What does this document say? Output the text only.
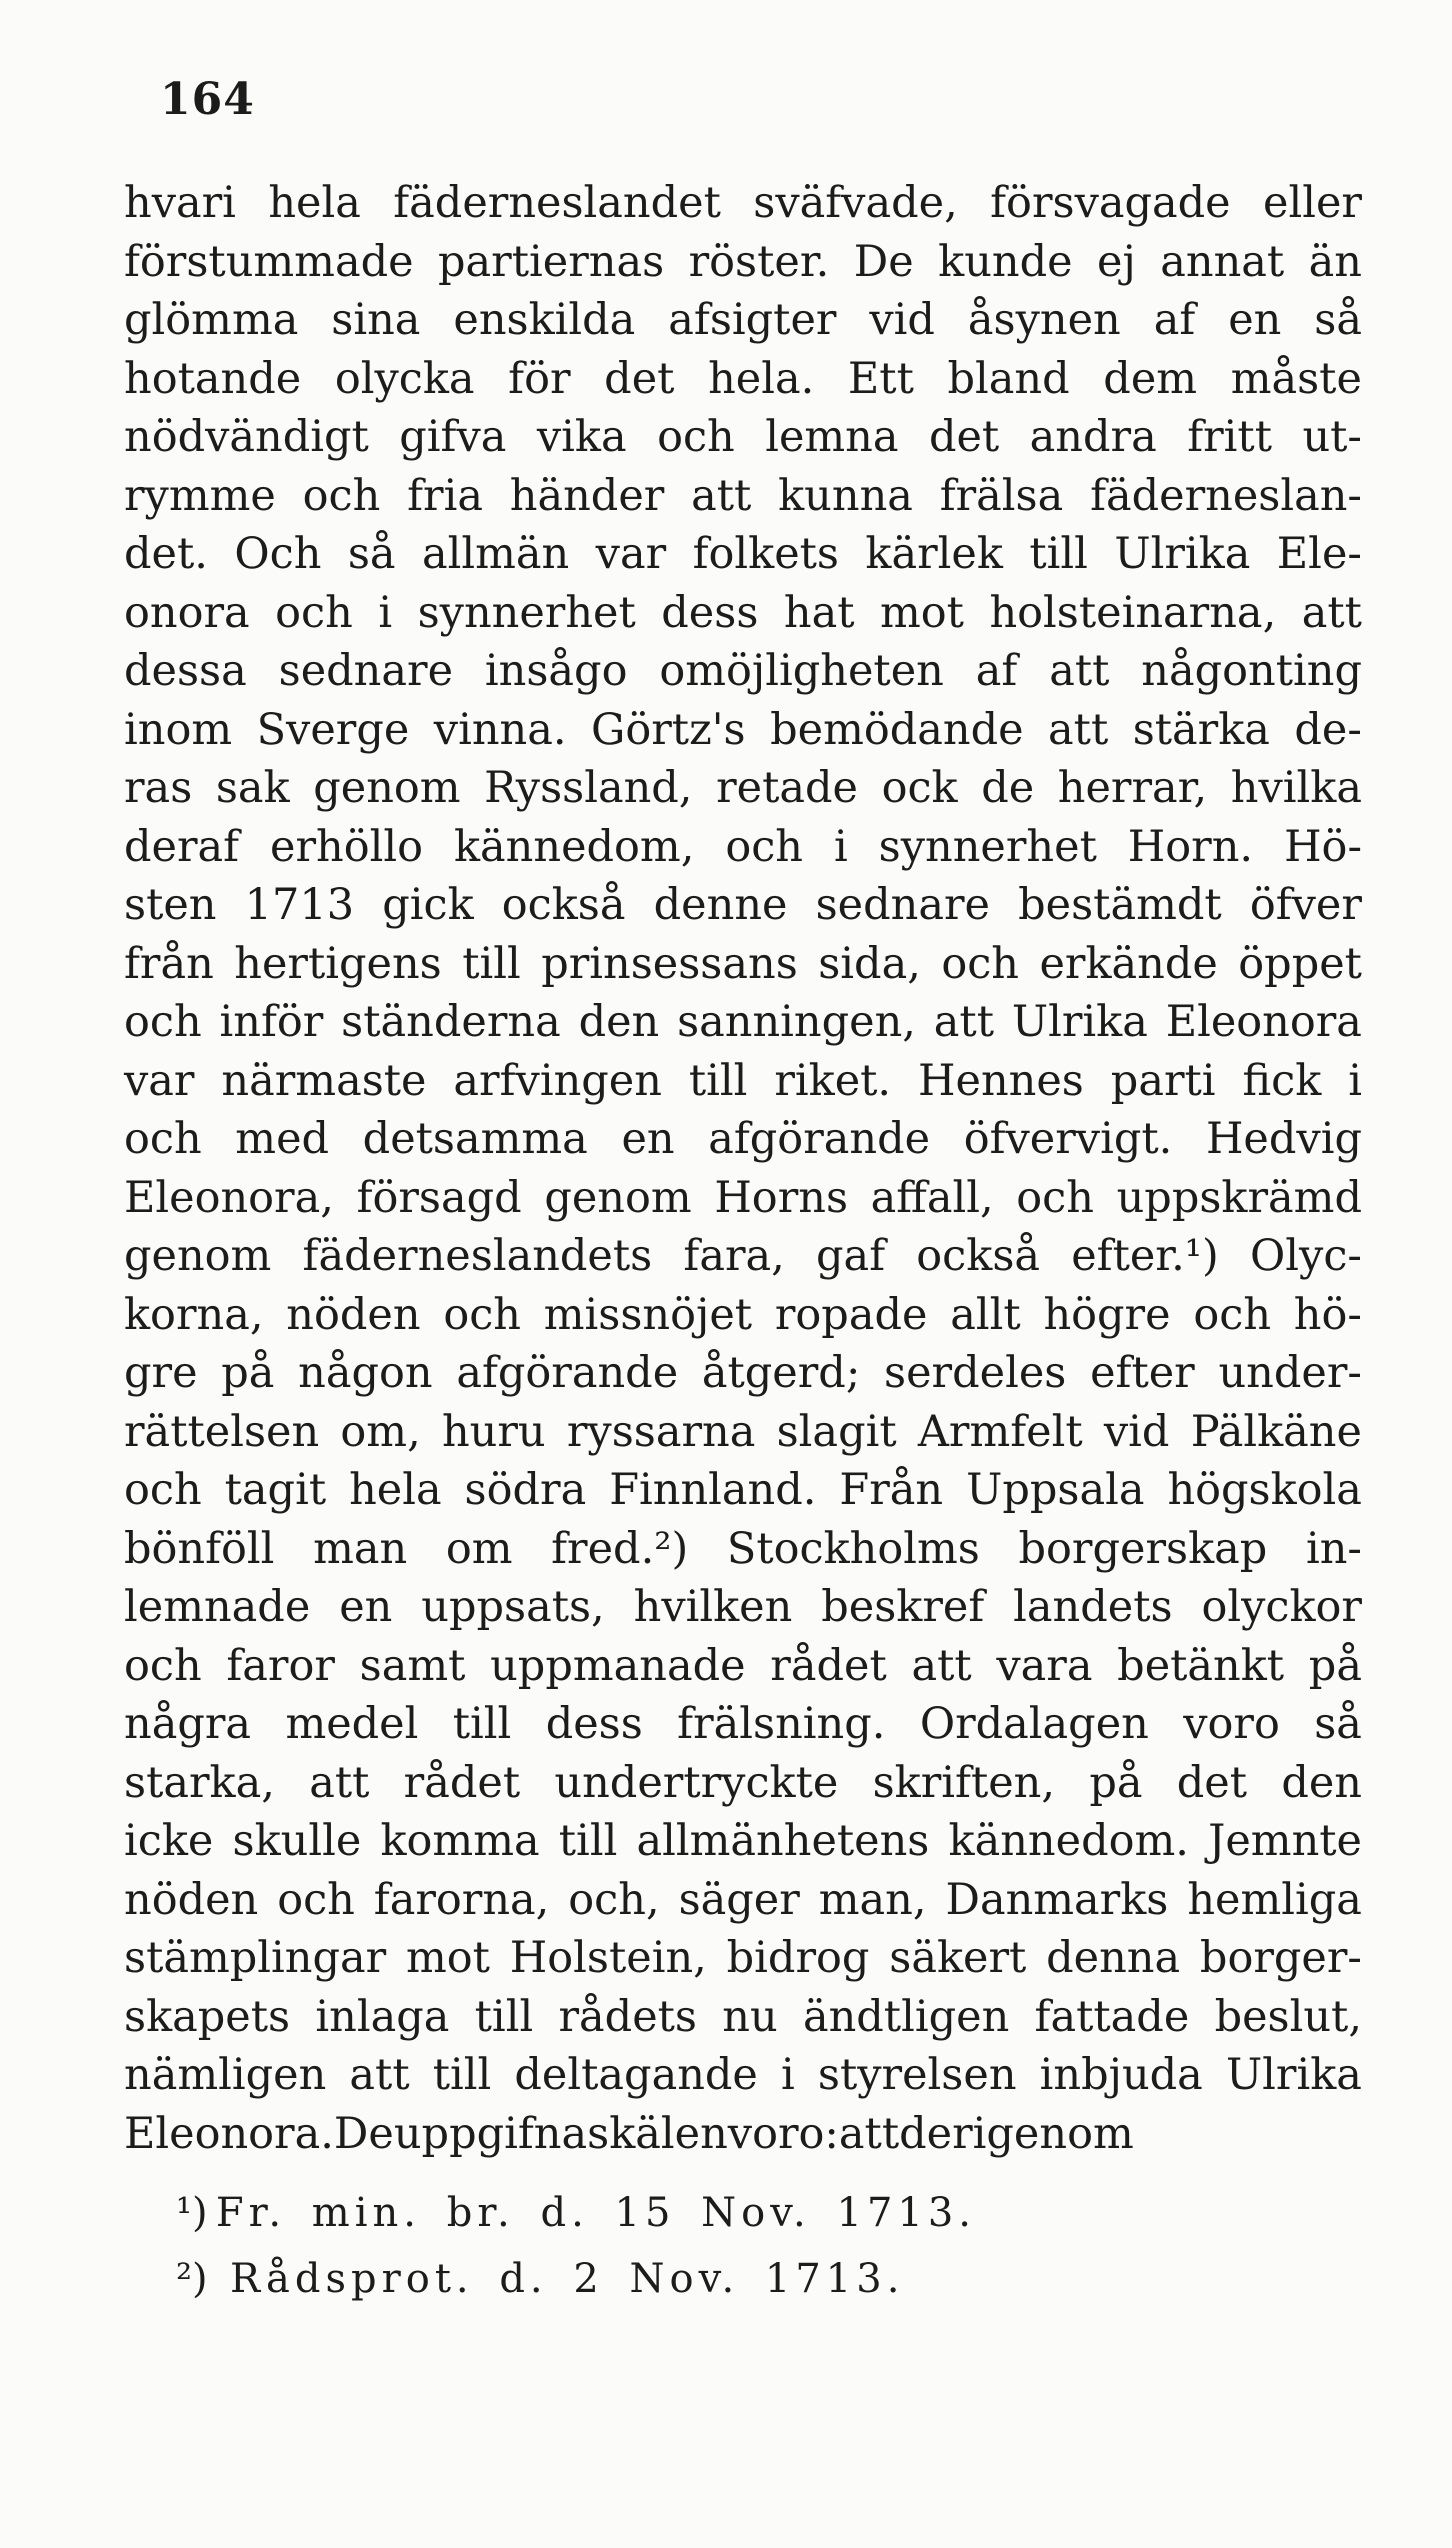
164
hvari hela fäderneslandet sväfvade, försvagade eller
förstummade partiernas röster. De kunde ej annat än
glömma sina enskilda afsigter vid åsynen af en så
hotande olycka för det hela. Ett bland dem måste
nödvändigt gifva vika och lemna det andra fritt ut-
rymme och fria händer att kunna frälsa fäderneslan-
det. Och så allmän var folkets kärlek till Ulrika Ele-
onora och i synnerhet dess hat mot holsteinarna, att
dessa sednare insågo omöjligheten af att någonting
inom Sverge vinna. Görtz's bemödande att stärka de-
ras sak genom Ryssland, retade ock de herrar, hvilka
deraf erhöllo kännedom, och i synnerhet Horn. Hö-
sten 1713 gick också denne sednare bestämdt öfver
från hertigens till prinsessans sida, och erkände öppet
och inför ständerna den sanningen, att Ulrika Eleonora
var närmaste arfvingen till riket. Hennes parti fick i
och med detsamma en afgörande öfvervigt. Hedvig
Eleonora, försagd genom Horns affall, och uppskrämd
genom fäderneslandets fara, gaf också efter.¹) Olyc-
korna, nöden och missnöjet ropade allt högre och hö-
gre på någon afgörande åtgerd; serdeles efter under-
rättelsen om, huru ryssarna slagit Armfelt vid Pälkäne
och tagit hela södra Finnland. Från Uppsala högskola
bönföll man om fred.²) Stockholms borgerskap in-
lemnade en uppsats, hvilken beskref landets olyckor
och faror samt uppmanade rådet att vara betänkt på
några medel till dess frälsning. Ordalagen voro så
starka, att rådet undertryckte skriften, på det den
icke skulle komma till allmänhetens kännedom. Jemnte
nöden och farorna, och, säger man, Danmarks hemliga
stämplingar mot Holstein, bidrog säkert denna borger-
skapets inlaga till rådets nu ändtligen fattade beslut,
nämligen att till deltagande i styrelsen inbjuda Ulrika
Eleonora. De uppgifna skälen voro: att derigenom
¹) Fr. min. br. d. 15 Nov. 1713.
²) Rådsprot. d. 2 Nov. 1713.
